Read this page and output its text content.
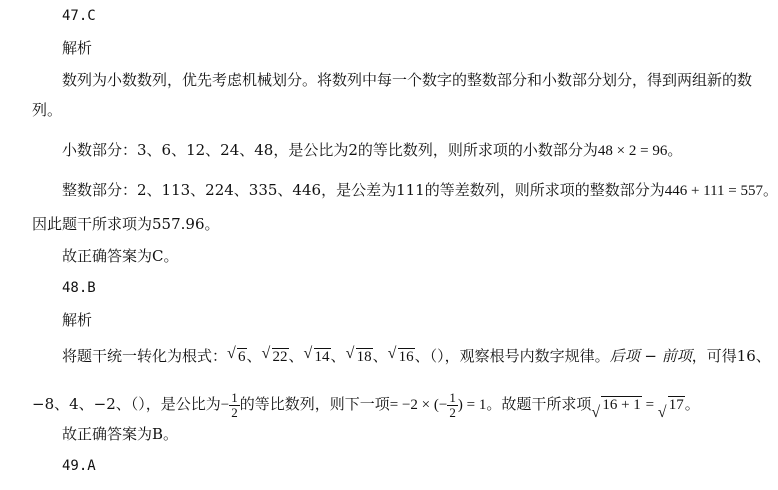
47.C
解析
数列为小数数列，优先考虑机械划分。将数列中每一个数字的整数部分和小数部分划分，得到两组新的数
列。
小数部分：3、6、12、24、48，是公比为2的等比数列，则所求项的小数部分为48 × 2 = 96。
整数部分：2、113、224、335、446，是公差为111的等差数列，则所求项的整数部分为446 + 111 = 557。
因此题干所求项为557.96。
故正确答案为C。
48.B
解析
将题干统一转化为根式： √ 6、 √ 22、 √ 14、 √ 18、 √ 16、（），观察根号内数字规律。后项 − 前项，可得16、
−8、4、−2、（），是公比为− $\frac{1}{2}$ 的等比数列，则下一项= −2 × (− $\frac{1}{2}$ ) = 1。故题干所求项 √ 16 + 1 = √ 17。
故正确答案为B。
49.A
